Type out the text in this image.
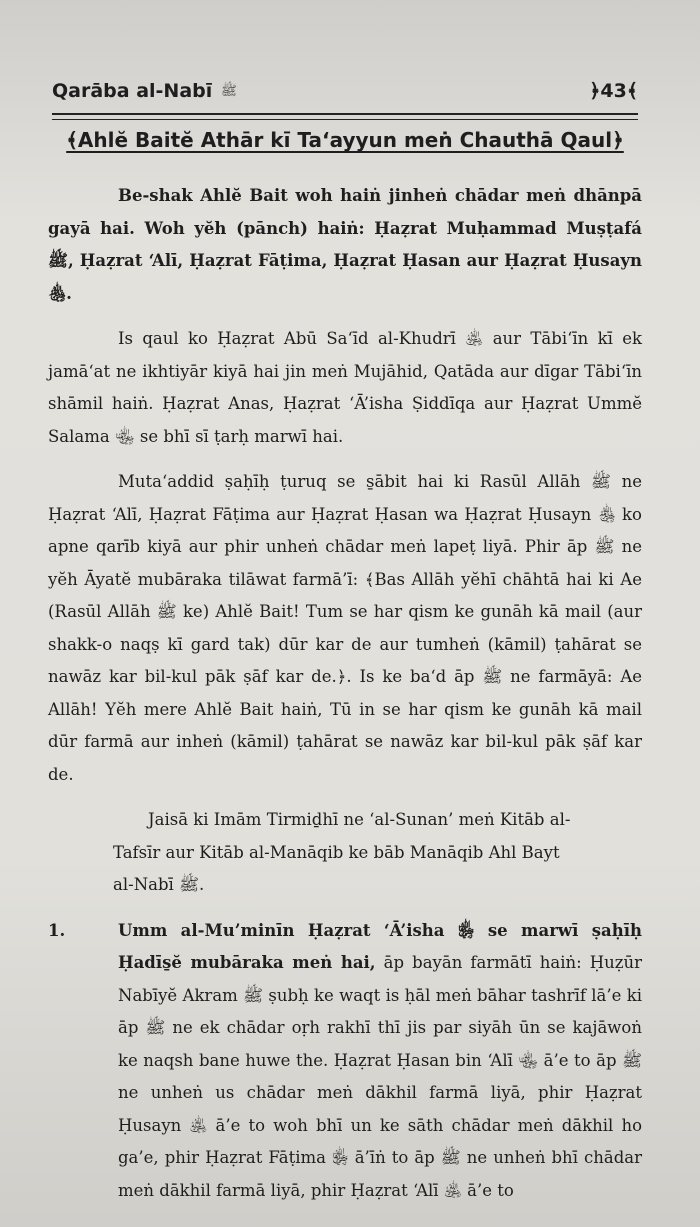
Qarāba al-Nabī ﷺ	﴿43﴾
﴾Ahlĕ Baitĕ Athār kī Ta‘ayyun meṅ Chauthā Qaul﴿

Be-shak Ahlĕ Bait woh haiṅ jinheṅ chādar meṅ dhānpā gayā hai. Woh yĕh (pānch) haiṅ: Ḥaẓrat Muḥammad Muṣṭafá ﷺ, Ḥaẓrat ‘Alī, Ḥaẓrat Fāṭima, Ḥaẓrat Ḥasan aur Ḥaẓrat Ḥusayn ﵃.

Is qaul ko Ḥaẓrat Abū Sa‘īd al-Khudrī ﵁ aur Tābi‘īn kī ek jamā‘at ne ikhtiyār kiyā hai jin meṅ Mujāhid, Qatāda aur dīgar Tābi‘īn shāmil haiṅ. Ḥaẓrat Anas, Ḥaẓrat ‘Ā’isha Ṣiddīqa aur Ḥaẓrat Ummĕ Salama ﵄ se bhī sī ṭarḥ marwī hai.

Muta‘addid ṣaḥīḥ ṭuruq se s̱ābit hai ki Rasūl Allāh ﷺ ne Ḥaẓrat ‘Alī, Ḥaẓrat Fāṭima aur Ḥaẓrat Ḥasan wa Ḥaẓrat Ḥusayn ﵃ ko apne qarīb kiyā aur phir unheṅ chādar meṅ lapeṭ liyā. Phir āp ﷺ ne yĕh Āyatĕ mubāraka tilāwat farmā’ī: ﴾Bas Allāh yĕhī chāhtā hai ki Ae (Rasūl Allāh ﷺ ke) Ahlĕ Bait! Tum se har qism ke gunāh kā mail (aur shakk-o naqṣ kī gard tak) dūr kar de aur tumheṅ (kāmil) ṭahārat se nawāz kar bil-kul pāk ṣāf kar de.﴿. Is ke ba‘d āp ﷺ ne farmāyā: Ae Allāh! Yĕh mere Ahlĕ Bait haiṅ, Tū in se har qism ke gunāh kā mail dūr farmā aur inheṅ (kāmil) ṭahārat se nawāz kar bil-kul pāk ṣāf kar de.

Jaisā ki Imām Tirmiḏhī ne ‘al-Sunan’ meṅ Kitāb al-Tafsīr aur Kitāb al-Manāqib ke bāb Manāqib Ahl Bayt al-Nabī ﷺ.

1.	Umm al-Mu’minīn Ḥaẓrat ‘Ā’isha ﵂ se marwī ṣaḥīḥ Ḥadīs̱ĕ mubāraka meṅ hai, āp bayān farmātī haiṅ: Ḥuẓūr Nabīyĕ Akram ﷺ ṣubḥ ke waqt is ḥāl meṅ bāhar tashrīf lā’e ki āp ﷺ ne ek chādar oṛh rakhī thī jis par siyāh ūn se kajāwoṅ ke naqsh bane huwe the. Ḥaẓrat Ḥasan bin ‘Alī ﵄ ā’e to āp ﷺ ne unheṅ us chādar meṅ dākhil farmā liyā, phir Ḥaẓrat Ḥusayn ﵁ ā’e to woh bhī un ke sāth chādar meṅ dākhil ho ga’e, phir Ḥaẓrat Fāṭima ﵂ ā’īṅ to āp ﷺ ne unheṅ bhī chādar meṅ dākhil farmā liyā, phir Ḥaẓrat ‘Alī ﵁ ā’e to
